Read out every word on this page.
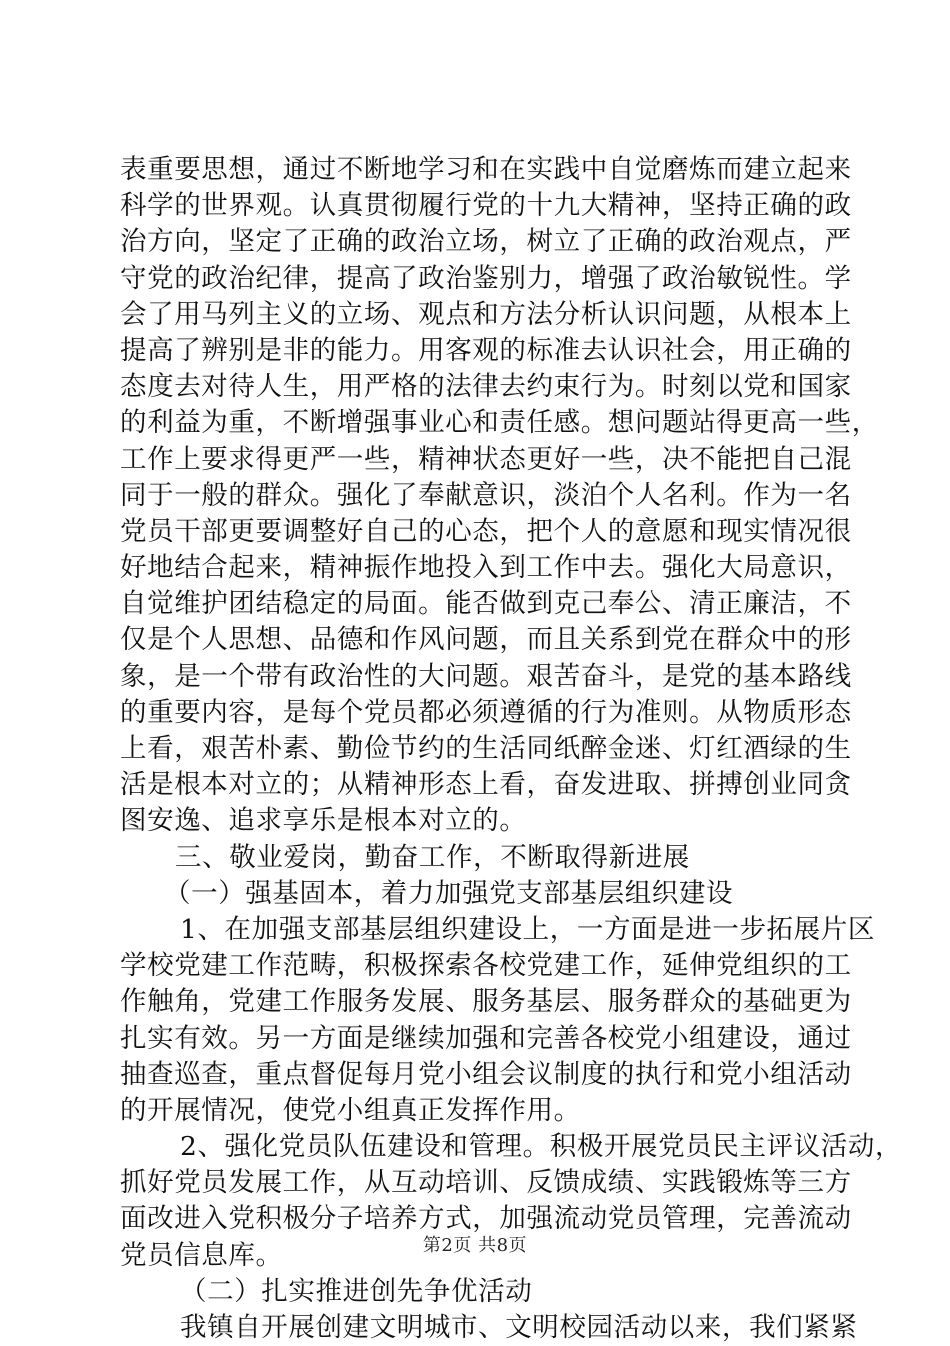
表重要思想，通过不断地学习和在实践中自觉磨炼而建立起来
科学的世界观。认真贯彻履行党的十九大精神，坚持正确的政
治方向，坚定了正确的政治立场，树立了正确的政治观点，严
守党的政治纪律，提高了政治鉴别力，增强了政治敏锐性。学
会了用马列主义的立场、观点和方法分析认识问题，从根本上
提高了辨别是非的能力。用客观的标准去认识社会，用正确的
态度去对待人生，用严格的法律去约束行为。时刻以党和国家
的利益为重，不断增强事业心和责任感。想问题站得更高一些，
工作上要求得更严一些，精神状态更好一些，决不能把自己混
同于一般的群众。强化了奉献意识，淡泊个人名利。作为一名
党员干部更要调整好自己的心态，把个人的意愿和现实情况很
好地结合起来，精神振作地投入到工作中去。强化大局意识，
自觉维护团结稳定的局面。能否做到克己奉公、清正廉洁，不
仅是个人思想、品德和作风问题，而且关系到党在群众中的形
象，是一个带有政治性的大问题。艰苦奋斗，是党的基本路线
的重要内容，是每个党员都必须遵循的行为准则。从物质形态
上看，艰苦朴素、勤俭节约的生活同纸醉金迷、灯红酒绿的生
活是根本对立的；从精神形态上看，奋发进取、拼搏创业同贪
图安逸、追求享乐是根本对立的。
三、敬业爱岗，勤奋工作，不断取得新进展
（一）强基固本，着力加强党支部基层组织建设
1、在加强支部基层组织建设上，一方面是进一步拓展片区
学校党建工作范畴，积极探索各校党建工作，延伸党组织的工
作触角，党建工作服务发展、服务基层、服务群众的基础更为
扎实有效。另一方面是继续加强和完善各校党小组建设，通过
抽查巡查，重点督促每月党小组会议制度的执行和党小组活动
的开展情况，使党小组真正发挥作用。
2、强化党员队伍建设和管理。积极开展党员民主评议活动，
抓好党员发展工作，从互动培训、反馈成绩、实践锻炼等三方
面改进入党积极分子培养方式，加强流动党员管理，完善流动
党员信息库。
（二）扎实推进创先争优活动
我镇自开展创建文明城市、文明校园活动以来，我们紧紧
第2页 共8页
